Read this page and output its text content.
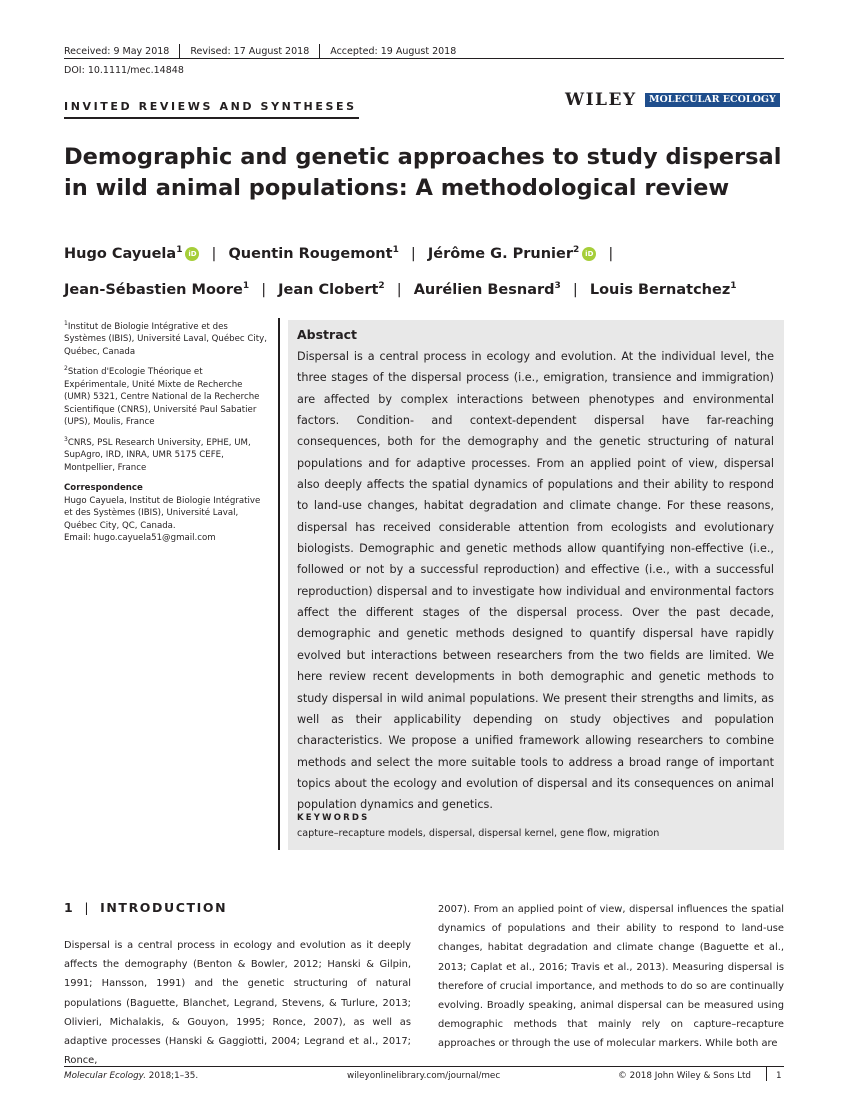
Received: 9 May 2018 Revised: 17 August 2018 Accepted: 19 August 2018
DOI: 10.1111/mec.14848
INVITED REVIEWS AND SYNTHESES	WILEY	MOLECULAR ECOLOGY
Demographic and genetic approaches to study dispersal in wild animal populations: A methodological review
Hugo Cayuela$^1$ iD | Quentin Rougemont$^1$ | Jérôme G. Prunier$^2$ iD |
Jean-Sébastien Moore$^1$ | Jean Clobert$^2$ | Aurélien Besnard$^3$ | Louis Bernatchez$^1$

$^1$Institut de Biologie Intégrative et des Systèmes (IBIS), Université Laval, Québec City, Québec, Canada

$^2$Station d'Ecologie Théorique et Expérimentale, Unité Mixte de Recherche (UMR) 5321, Centre National de la Recherche Scientifique (CNRS), Université Paul Sabatier (UPS), Moulis, France

$^3$CNRS, PSL Research University, EPHE, UM, SupAgro, IRD, INRA, UMR 5175 CEFE, Montpellier, France

Correspondence

Hugo Cayuela, Institut de Biologie Intégrative et des Systèmes (IBIS), Université Laval, Québec City, QC, Canada.
Email: hugo.cayuela51@gmail.com

Abstract

Dispersal is a central process in ecology and evolution. At the individual level, the three stages of the dispersal process (i.e., emigration, transience and immigration) are affected by complex interactions between phenotypes and environmental factors. Condition- and context-dependent dispersal have far-reaching consequences, both for the demography and the genetic structuring of natural populations and for adaptive processes. From an applied point of view, dispersal also deeply affects the spatial dynamics of populations and their ability to respond to land-use changes, habitat degradation and climate change. For these reasons, dispersal has received considerable attention from ecologists and evolutionary biologists. Demographic and genetic methods allow quantifying non-effective (i.e., followed or not by a successful reproduction) and effective (i.e., with a successful reproduction) dispersal and to investigate how individual and environmental factors affect the different stages of the dispersal process. Over the past decade, demographic and genetic methods designed to quantify dispersal have rapidly evolved but interactions between researchers from the two fields are limited. We here review recent developments in both demographic and genetic methods to study dispersal in wild animal populations. We present their strengths and limits, as well as their applicability depending on study objectives and population characteristics. We propose a unified framework allowing researchers to combine methods and select the more suitable tools to address a broad range of important topics about the ecology and evolution of dispersal and its consequences on animal population dynamics and genetics.

KEYWORDS
capture–recapture models, dispersal, dispersal kernel, gene flow, migration
1 | INTRODUCTION

Dispersal is a central process in ecology and evolution as it deeply affects the demography (Benton & Bowler, 2012; Hanski & Gilpin, 1991; Hansson, 1991) and the genetic structuring of natural populations (Baguette, Blanchet, Legrand, Stevens, & Turlure, 2013; Olivieri, Michalakis, & Gouyon, 1995; Ronce, 2007), as well as adaptive processes (Hanski & Gaggiotti, 2004; Legrand et al., 2017; Ronce,

2007). From an applied point of view, dispersal influences the spatial dynamics of populations and their ability to respond to land-use changes, habitat degradation and climate change (Baguette et al., 2013; Caplat et al., 2016; Travis et al., 2013). Measuring dispersal is therefore of crucial importance, and methods to do so are continually evolving. Broadly speaking, animal dispersal can be measured using demographic methods that mainly rely on capture–recapture approaches or through the use of molecular markers. While both are

Molecular Ecology. 2018;1–35.	wileyonlinelibrary.com/journal/mec	© 2018 John Wiley & Sons Ltd	1
